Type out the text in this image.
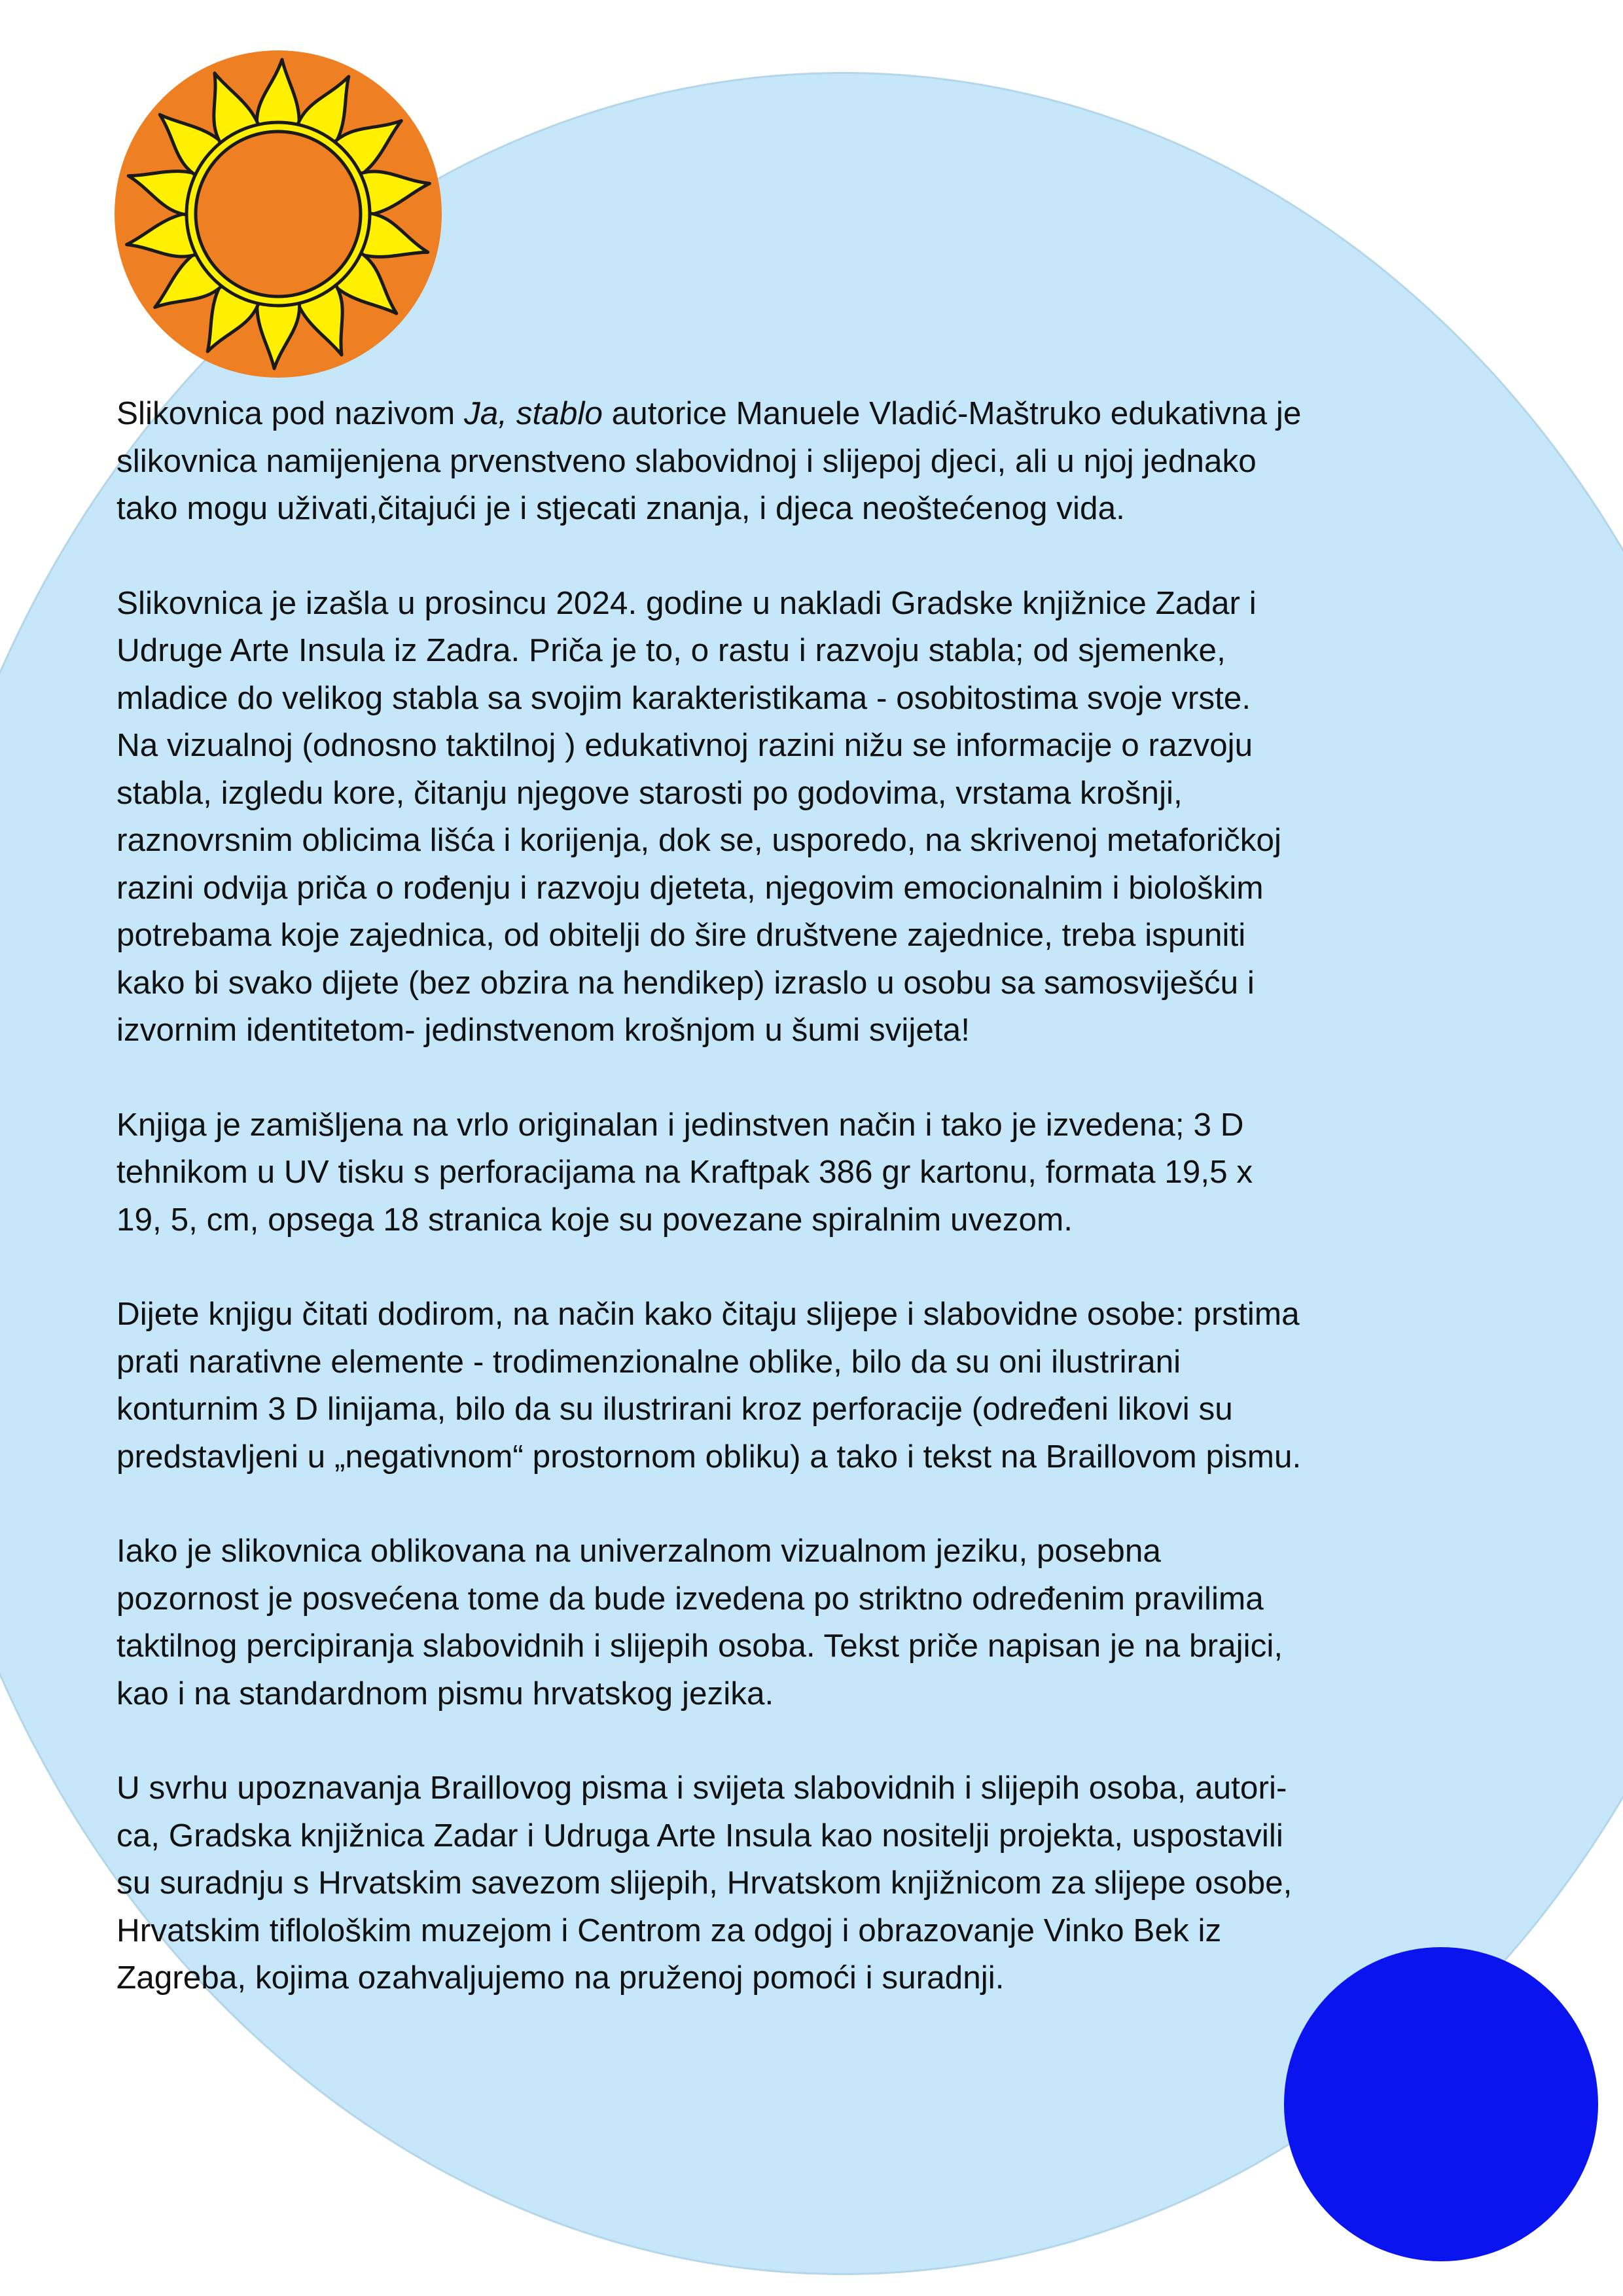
Slikovnica pod nazivom Ja, stablo autorice Manuele Vladić-Maštruko edukativna je
slikovnica namijenjena prvenstveno slabovidnoj i slijepoj djeci, ali u njoj jednako
tako mogu uživati,čitajući je i stjecati znanja, i djeca neoštećenog vida.

Slikovnica je izašla u prosincu 2024. godine u nakladi Gradske knjižnice Zadar i
Udruge Arte Insula iz Zadra. Priča je to, o rastu i razvoju stabla; od sjemenke,
mladice do velikog stabla sa svojim karakteristikama - osobitostima svoje vrste.
Na vizualnoj (odnosno taktilnoj ) edukativnoj razini nižu se informacije o razvoju
stabla, izgledu kore, čitanju njegove starosti po godovima, vrstama krošnji,
raznovrsnim oblicima lišća i korijenja, dok se, usporedo, na skrivenoj metaforičkoj
razini odvija priča o rođenju i razvoju djeteta, njegovim emocionalnim i biološkim
potrebama koje zajednica, od obitelji do šire društvene zajednice, treba ispuniti
kako bi svako dijete (bez obzira na hendikep) izraslo u osobu sa samosviješću i
izvornim identitetom- jedinstvenom krošnjom u šumi svijeta!

Knjiga je zamišljena na vrlo originalan i jedinstven način i tako je izvedena; 3 D
tehnikom u UV tisku s perforacijama na Kraftpak 386 gr kartonu, formata 19,5 x
19, 5, cm, opsega 18 stranica koje su povezane spiralnim uvezom.

Dijete knjigu čitati dodirom, na način kako čitaju slijepe i slabovidne osobe: prstima
prati narativne elemente - trodimenzionalne oblike, bilo da su oni ilustrirani
konturnim 3 D linijama, bilo da su ilustrirani kroz perforacije (određeni likovi su
predstavljeni u „negativnom“ prostornom obliku) a tako i tekst na Braillovom pismu.

Iako je slikovnica oblikovana na univerzalnom vizualnom jeziku, posebna
pozornost je posvećena tome da bude izvedena po striktno određenim pravilima
taktilnog percipiranja slabovidnih i slijepih osoba. Tekst priče napisan je na brajici,
kao i na standardnom pismu hrvatskog jezika.

U svrhu upoznavanja Braillovog pisma i svijeta slabovidnih i slijepih osoba, autori-
ca, Gradska knjižnica Zadar i Udruga Arte Insula kao nositelji projekta, uspostavili
su suradnju s Hrvatskim savezom slijepih, Hrvatskom knjižnicom za slijepe osobe,
Hrvatskim tiflološkim muzejom i Centrom za odgoj i obrazovanje Vinko Bek iz
Zagreba, kojima ozahvaljujemo na pruženoj pomoći i suradnji.
